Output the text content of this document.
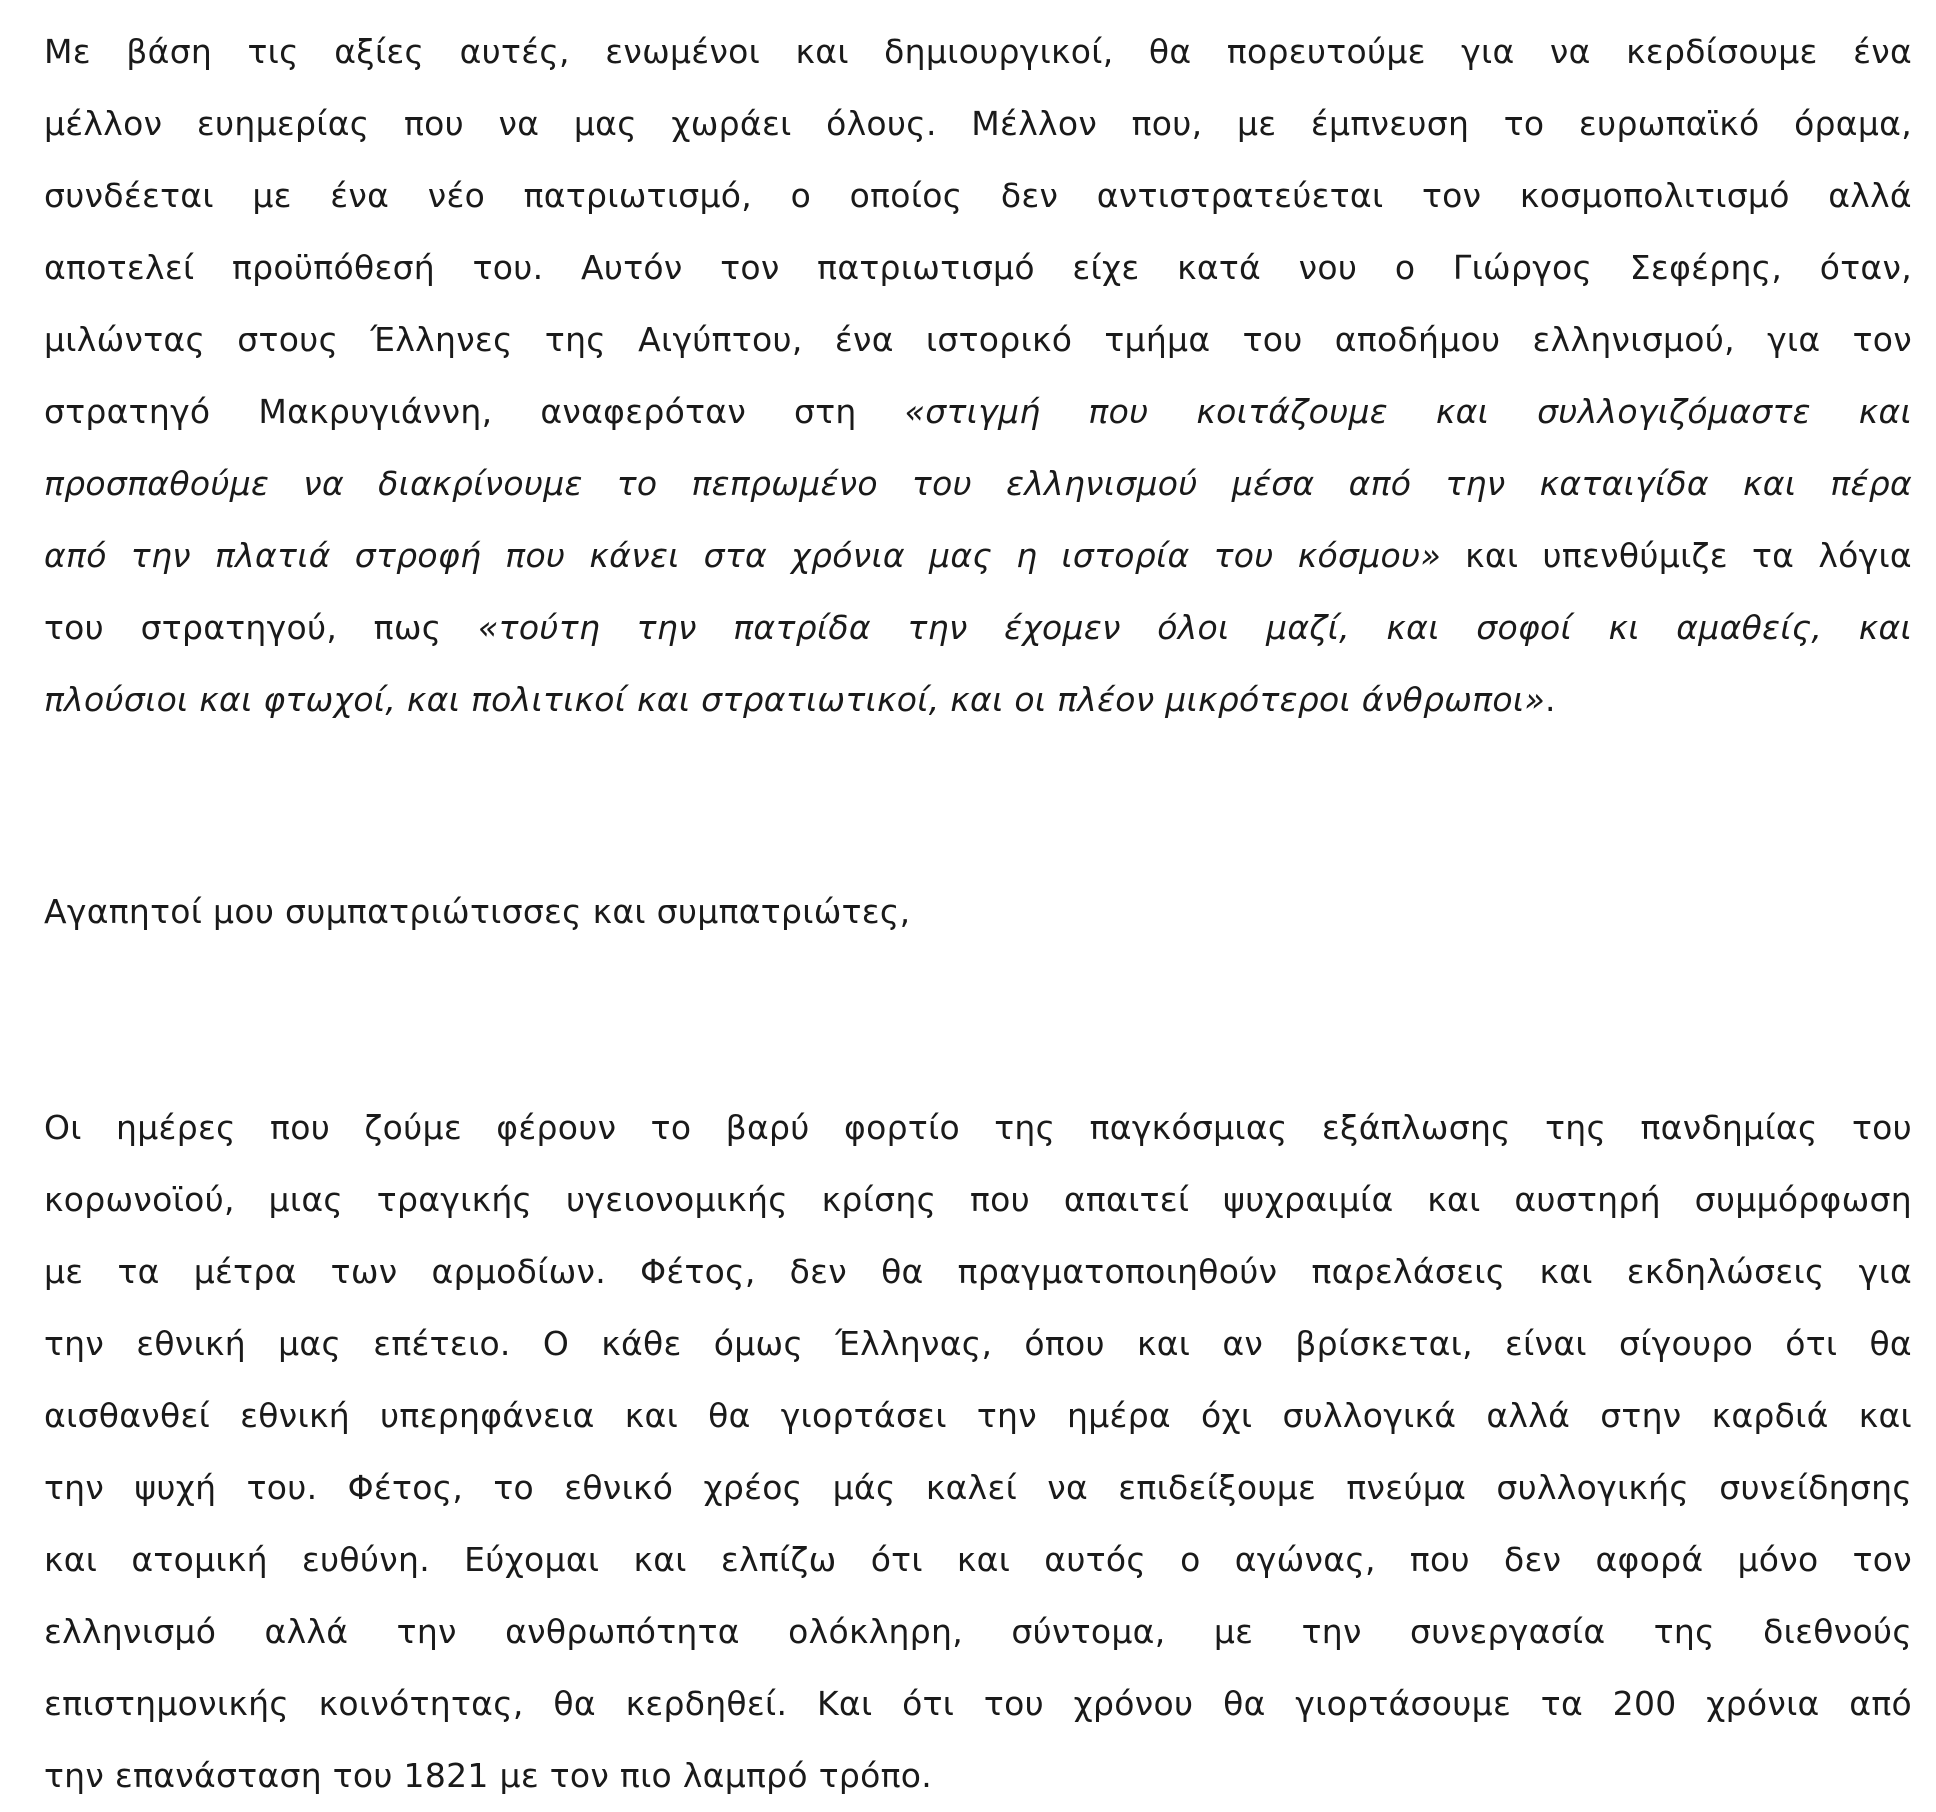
Με βάση τις αξίες αυτές, ενωμένοι και δημιουργικοί, θα πορευτούμε για να κερδίσουμε ένα
μέλλον ευημερίας που να μας χωράει όλους. Μέλλον που, με έμπνευση το ευρωπαϊκό όραμα,
συνδέεται με ένα νέο πατριωτισμό, ο οποίος δεν αντιστρατεύεται τον κοσμοπολιτισμό αλλά
αποτελεί προϋπόθεσή του. Αυτόν τον πατριωτισμό είχε κατά νου ο Γιώργος Σεφέρης, όταν,
μιλώντας στους Έλληνες της Αιγύπτου, ένα ιστορικό τμήμα του αποδήμου ελληνισμού, για τον
στρατηγό Μακρυγιάννη, αναφερόταν στη «στιγμή που κοιτάζουμε και συλλογιζόμαστε και
προσπαθούμε να διακρίνουμε το πεπρωμένο του ελληνισμού μέσα από την καταιγίδα και πέρα
από την πλατιά στροφή που κάνει στα χρόνια μας η ιστορία του κόσμου» και υπενθύμιζε τα λόγια
του στρατηγού, πως «τούτη την πατρίδα την έχομεν όλοι μαζί, και σοφοί κι αμαθείς, και
πλούσιοι και φτωχοί, και πολιτικοί και στρατιωτικοί, και οι πλέον μικρότεροι άνθρωποι».
Αγαπητοί μου συμπατριώτισσες και συμπατριώτες,
Οι ημέρες που ζούμε φέρουν το βαρύ φορτίο της παγκόσμιας εξάπλωσης της πανδημίας του
κορωνοϊού, μιας τραγικής υγειονομικής κρίσης που απαιτεί ψυχραιμία και αυστηρή συμμόρφωση
με τα μέτρα των αρμοδίων. Φέτος, δεν θα πραγματοποιηθούν παρελάσεις και εκδηλώσεις για
την εθνική μας επέτειο. Ο κάθε όμως Έλληνας, όπου και αν βρίσκεται, είναι σίγουρο ότι θα
αισθανθεί εθνική υπερηφάνεια και θα γιορτάσει την ημέρα όχι συλλογικά αλλά στην καρδιά και
την ψυχή του. Φέτος, το εθνικό χρέος μάς καλεί να επιδείξουμε πνεύμα συλλογικής συνείδησης
και ατομική ευθύνη. Εύχομαι και ελπίζω ότι και αυτός ο αγώνας, που δεν αφορά μόνο τον
ελληνισμό αλλά την ανθρωπότητα ολόκληρη, σύντομα, με την συνεργασία της διεθνούς
επιστημονικής κοινότητας, θα κερδηθεί. Και ότι του χρόνου θα γιορτάσουμε τα 200 χρόνια από
την επανάσταση του 1821 με τον πιο λαμπρό τρόπο.
